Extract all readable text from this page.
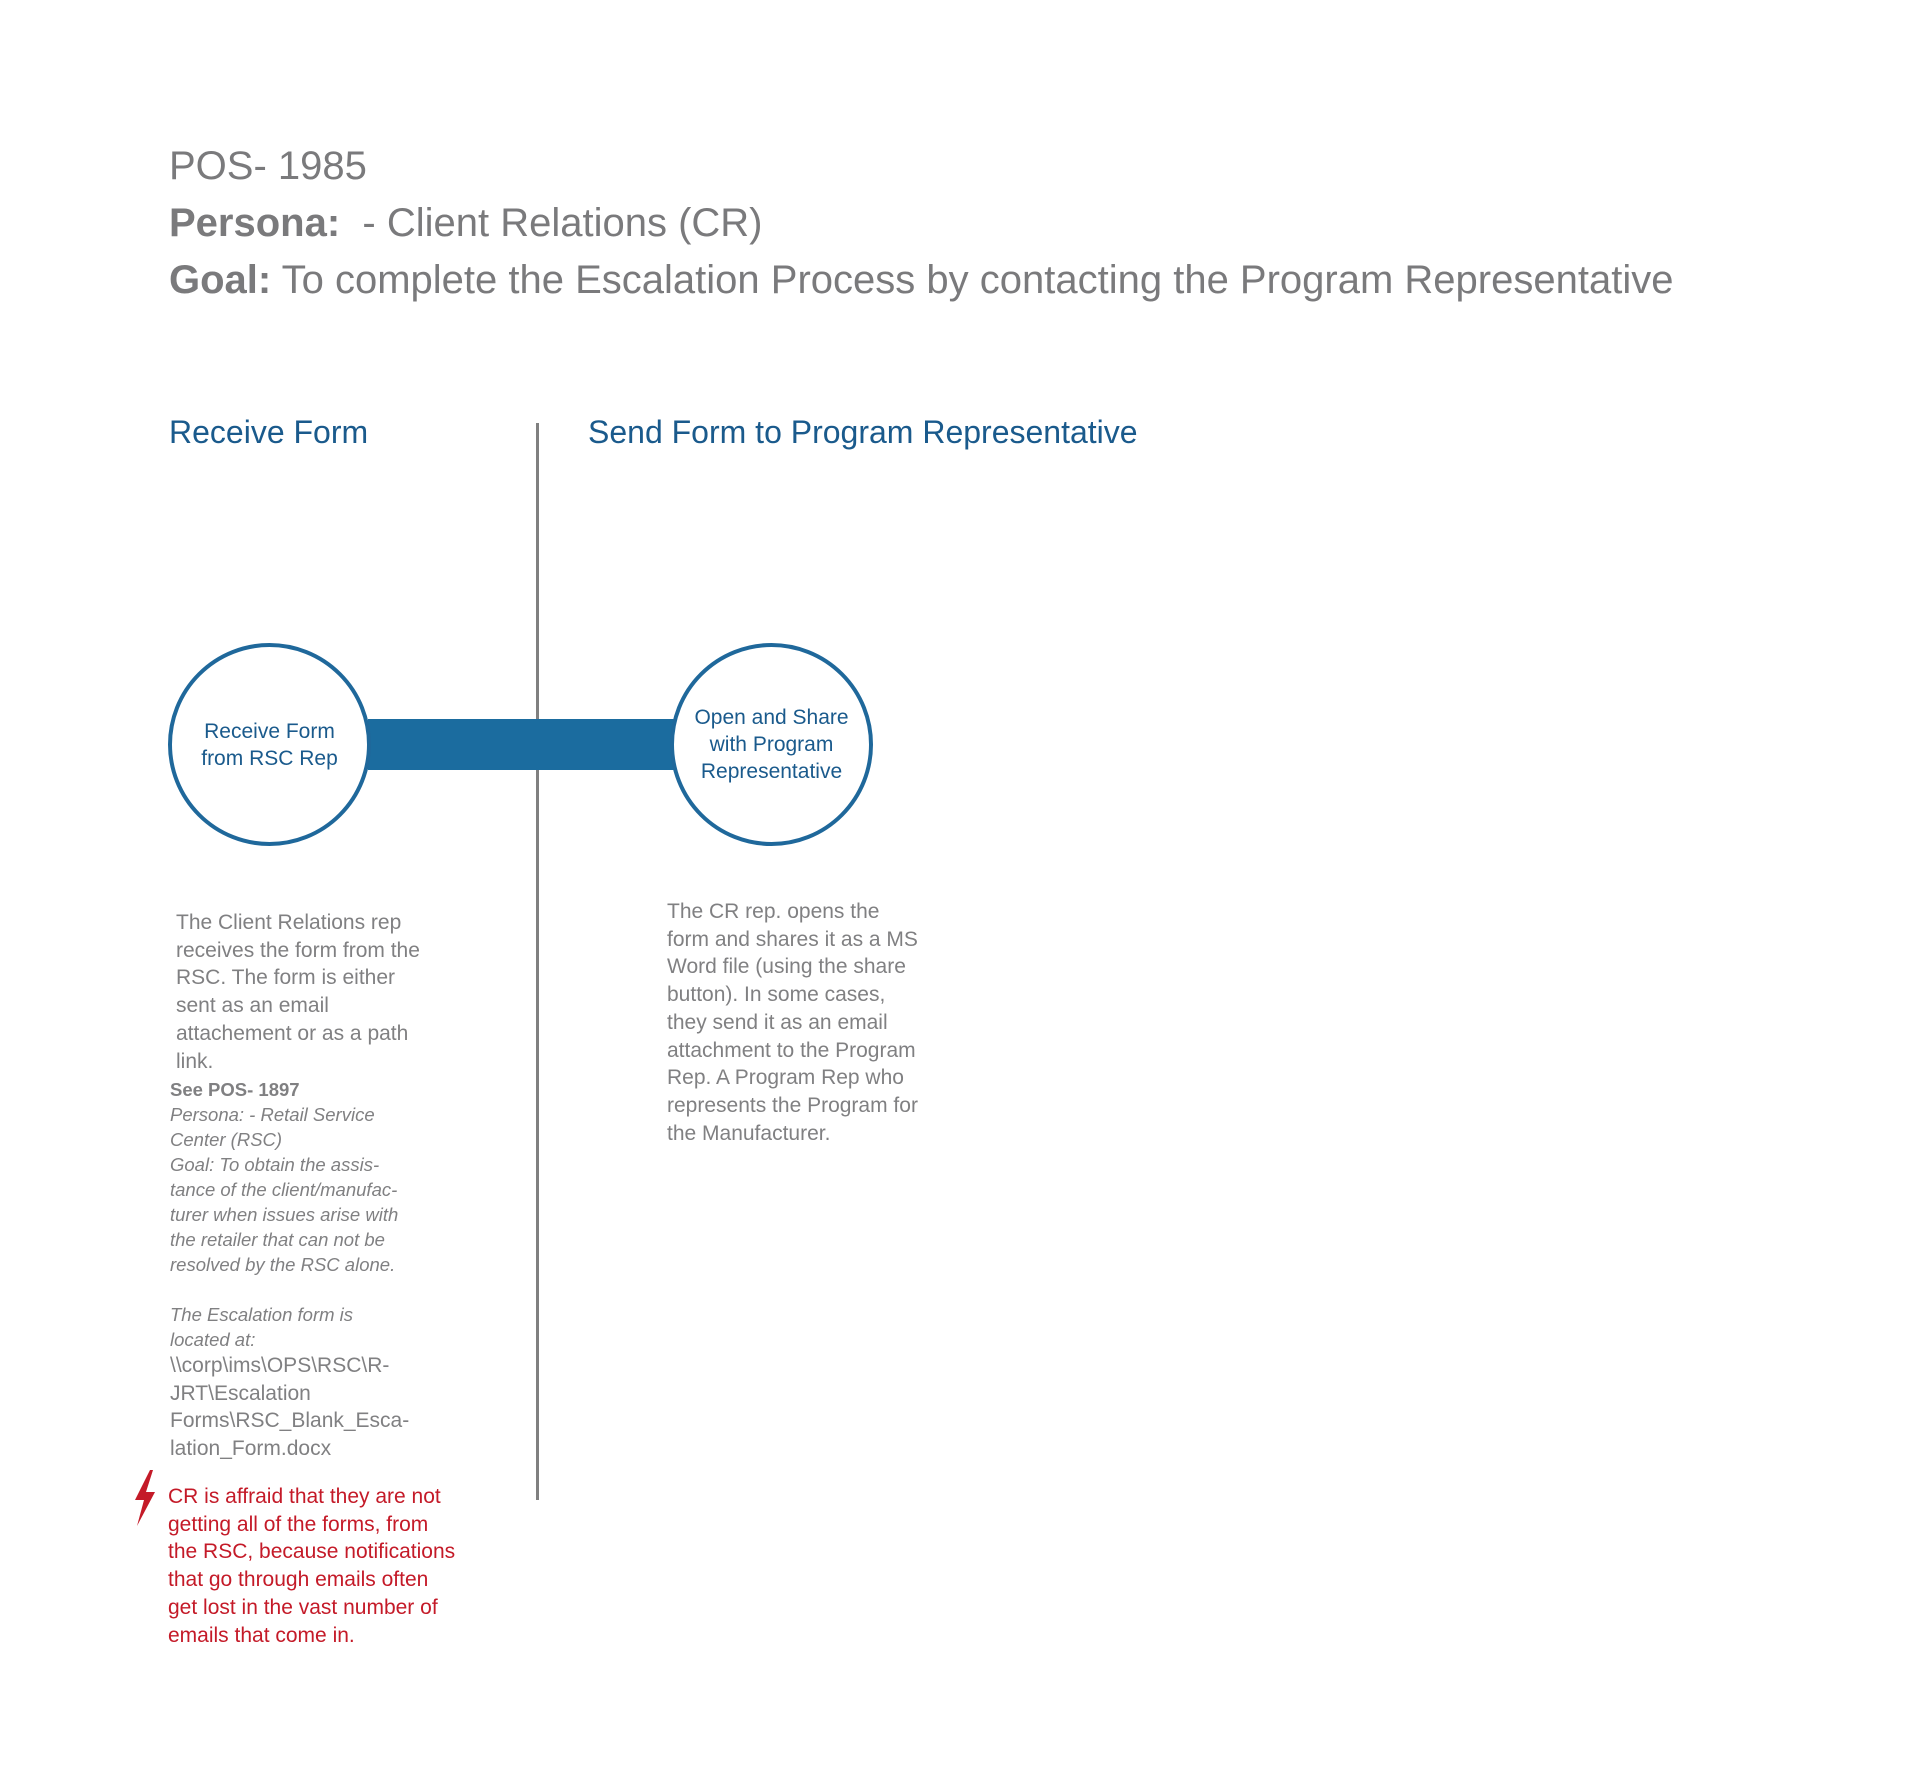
POS- 1985
Persona:  - Client Relations (CR)
Goal: To complete the Escalation Process by contacting the Program Representative
Receive Form	Send Form to Program Representative
Receive Form from RSC Rep
Open and Share with Program Representative
The Client Relations rep
receives the form from the
RSC. The form is either
sent as an email
attachement or as a path
link.
See POS- 1897
Persona: - Retail Service
Center (RSC)
Goal: To obtain the assis-
tance of the client/manufac-
turer when issues arise with
the retailer that can not be
resolved by the RSC alone.
The Escalation form is
located at:
\\corp\ims\OPS\RSC\R-
JRT\Escalation
Forms\RSC_Blank_Esca-
lation_Form.docx
The CR rep. opens the
form and shares it as a MS
Word file (using the share
button). In some cases,
they send it as an email
attachment to the Program
Rep. A Program Rep who
represents the Program for
the Manufacturer.
CR is affraid that they are not
getting all of the forms, from
the RSC, because notifications
that go through emails often
get lost in the vast number of
emails that come in.
